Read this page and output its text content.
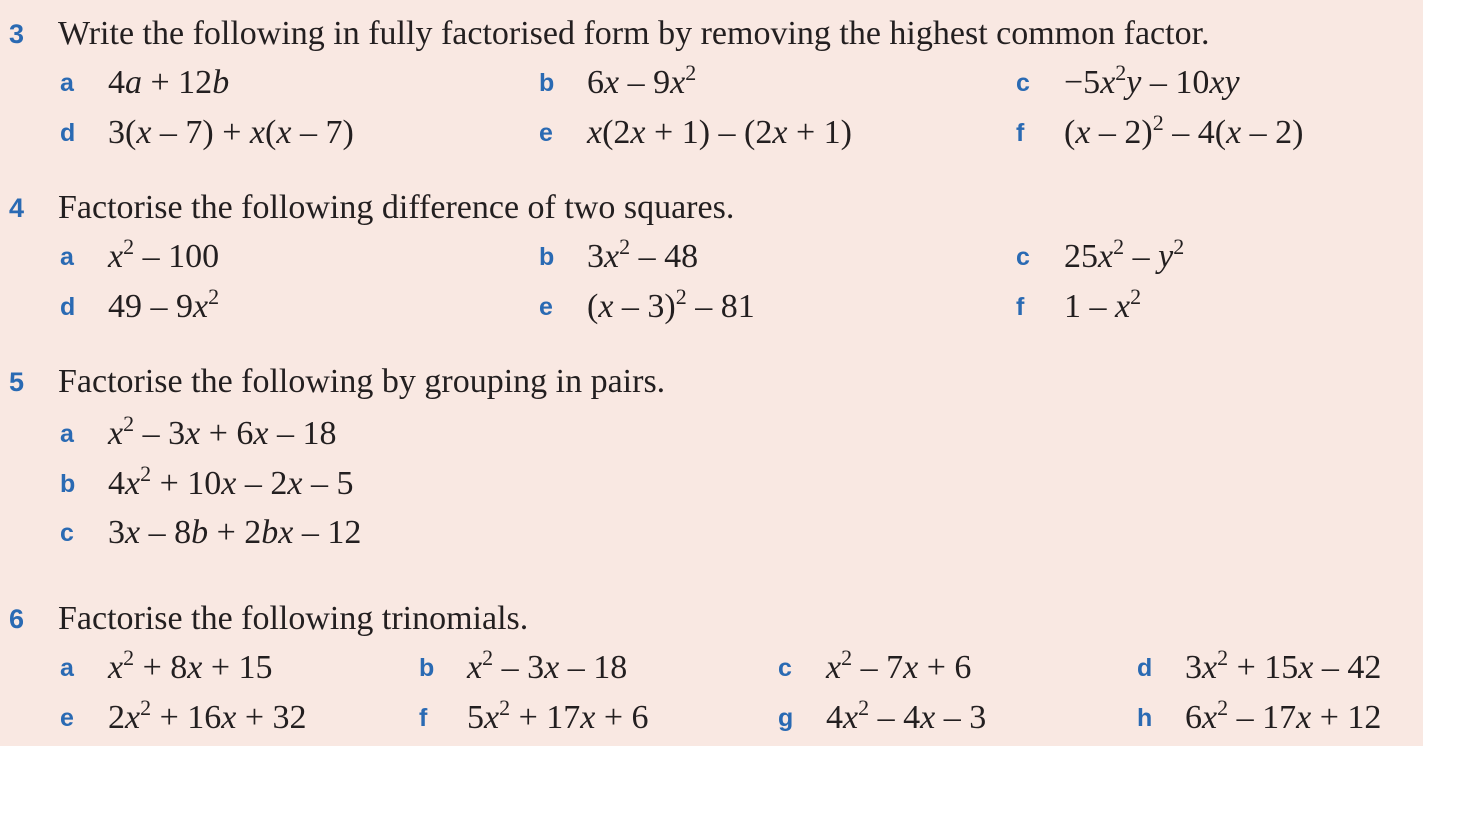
3 Write the following in fully factorised form by removing the highest common factor.
a 4a + 12b	b $6x - 9x^2$	$c -5x^2y - 10xy$
d 3(x – 7) + x(x – 7)	e x(2x + 1) – (2x + 1)	f (x – 2)$^2$ – 4(x – 2)
4 Factorise the following difference of two squares.
a $x^2 - 100$	b $3x^2 - 48$	c $25x^2 - y^2$
d $49 - 9x^2$	e (x – 3)$^2$ – 81	f $1 - x^2$
5 Factorise the following by grouping in pairs.
a $x^2 - 3x + 6x - 18$
b $4x^2 + 10x - 2x - 5$
c 3x – 8b + 2bx – 12
6 Factorise the following trinomials.
a $x^2 + 8x + 15$	b $x^2 - 3x - 18$	c $x^2 - 7x + 6$	d $3x^2 + 15x - 42$
e $2x^2 + 16x + 32$	f $5x^2 + 17x + 6$	g $4x^2 - 4x - 3$	h $6x^2 - 17x + 12$
